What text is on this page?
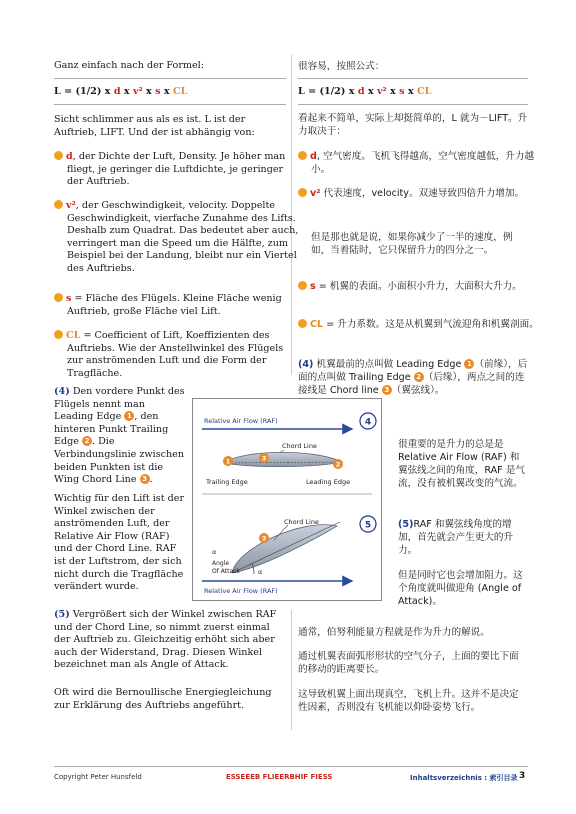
Ganz einfach nach der Formel:
L = (1/2) x d x v² x s x CL
Sicht schlimmer aus als es ist. L ist der Auftrieb, LIFT. Und der ist abhängig von:
d, der Dichte der Luft, Density. Je höher man fliegt, je geringer die Luftdichte, je geringer der Auftrieb.
v², der Geschwindigkeit, velocity. Doppelte Geschwindigkeit, vierfache Zunahme des Lifts. Deshalb zum Quadrat. Das bedeutet aber auch, verringert man die Speed um die Hälfte, zum Beispiel bei der Landung, bleibt nur ein Viertel des Auftriebs.
s = Fläche des Flügels. Kleine Fläche wenig Auftrieb, große Fläche viel Lift.
CL = Coefficient of Lift, Koeffizienten des Auftriebs. Wie der Anstellwinkel des Flügels zur anströmenden Luft und die Form der Tragfläche.
(4) Den vordere Punkt des Flügels nennt man Leading Edge 1 , den hinteren Punkt Trailing Edge 2 . Die Verbindungslinie zwischen beiden Punkten ist die Wing Chord Line 3 .
Wichtig für den Lift ist der Winkel zwischen der anströmenden Luft, der Relative Air Flow (RAF) und der Chord Line. RAF ist der Luftstrom, der sich nicht durch die Tragfläche verändert wurde.
(5) Vergrößert sich der Winkel zwischen RAF und der Chord Line, so nimmt zuerst einmal der Auftrieb zu. Gleichzeitig erhöht sich aber auch der Widerstand, Drag. Diesen Winkel bezeichnet man als Angle of Attack.
Oft wird die Bernoullische Energiegleichung zur Erklärung des Auftriebs angeführt.
很容易，按照公式：
L = (1/2) x d x v² x s x CL
看起来不简单，实际上却挺简单的，L 就为－LIFT。升力取决于：
d, 空气密度。飞机飞得越高，空气密度越低，升力越小。
v² 代表速度，velocity。双速导致四倍升力增加。
但是那也就是说，如果你减少了一半的速度，例如，当着陆时，它只保留升力的四分之一。
s = 机翼的表面。小面积小升力，大面积大升力。
CL = 升力系数。这是从机翼到气流迎角和机翼剖面。
(4) 机翼最前的点叫做 Leading Edge 1 （前缘），后面的点叫做 Trailing Edge 2 （后缘），两点之间的连接线是 Chord line 3 （翼弦线）。
很重要的是升力的总是是 Relative Air Flow (RAF) 和翼弦线之间的角度，RAF 是气流，没有被机翼改变的气流。
(5)RAF 和翼弦线角度的增加，首先就会产生更大的升力。
但是同时它也会增加阻力。这个角度就叫做迎角 (Angle of Attack)。
通常，伯努利能量方程就是作为升力的解说。
通过机翼表面弧形形状的空气分子，上面的要比下面的移动的距离要长。
这导致机翼上面出现真空，飞机上升。这并不是决定性因素，否则没有飞机能以仰卧姿势飞行。
Relative Air Flow (RAF)	4
Chord Line
1	3
2
Trailing Edge	Leading Edge
Chord Line	5
3
α
Angle
Of Attack	α
Relative Air Flow (RAF)
Copyright Peter Hunsfeld	ESSEEEB FLIEERBHIF FIESS	Inhaltsverzeichnis : 索引目录 3
